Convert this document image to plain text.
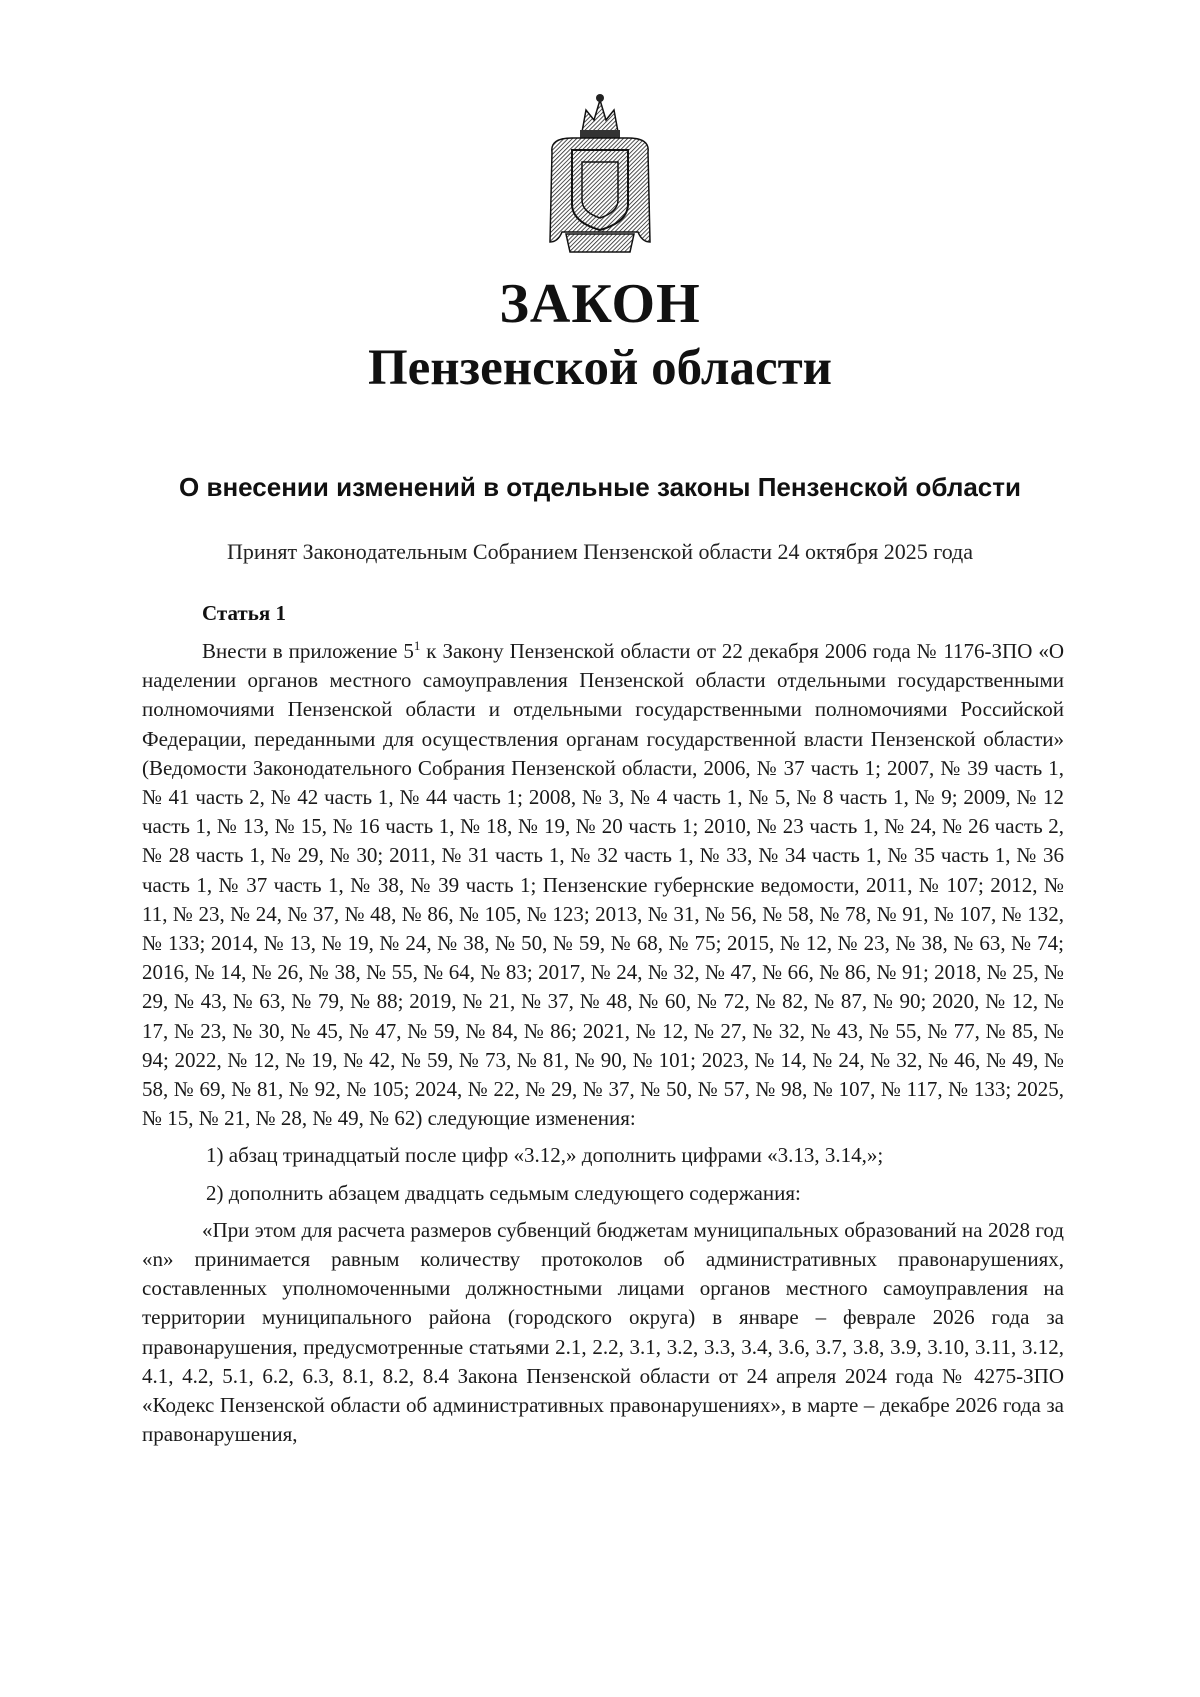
ЗАКОН
Пензенской области
О внесении изменений в отдельные законы Пензенской области
Принят Законодательным Собранием Пензенской области 24 октября 2025 года
Статья 1

Внести в приложение $5^1$ к Закону Пензенской области от 22 декабря 2006 года № 1176-ЗПО «О наделении органов местного самоуправления Пензенской области отдельными государственными полномочиями Пензенской области и отдельными государственными полномочиями Российской Федерации, переданными для осуществления органам государственной власти Пензенской области» (Ведомости Законодательного Собрания Пензенской области, 2006, № 37 часть 1; 2007, № 39 часть 1, № 41 часть 2, № 42 часть 1, № 44 часть 1; 2008, № 3, № 4 часть 1, № 5, № 8 часть 1, № 9; 2009, № 12 часть 1, № 13, № 15, № 16 часть 1, № 18, № 19, № 20 часть 1; 2010, № 23 часть 1, № 24, № 26 часть 2, № 28 часть 1, № 29, № 30; 2011, № 31 часть 1, № 32 часть 1, № 33, № 34 часть 1, № 35 часть 1, № 36 часть 1, № 37 часть 1, № 38, № 39 часть 1; Пензенские губернские ведомости, 2011, № 107; 2012, № 11, № 23, № 24, № 37, № 48, № 86, № 105, № 123; 2013, № 31, № 56, № 58, № 78, № 91, № 107, № 132, № 133; 2014, № 13, № 19, № 24, № 38, № 50, № 59, № 68, № 75; 2015, № 12, № 23, № 38, № 63, № 74; 2016, № 14, № 26, № 38, № 55, № 64, № 83; 2017, № 24, № 32, № 47, № 66, № 86, № 91; 2018, № 25, № 29, № 43, № 63, № 79, № 88; 2019, № 21, № 37, № 48, № 60, № 72, № 82, № 87, № 90; 2020, № 12, № 17, № 23, № 30, № 45, № 47, № 59, № 84, № 86; 2021, № 12, № 27, № 32, № 43, № 55, № 77, № 85, № 94; 2022, № 12, № 19, № 42, № 59, № 73, № 81, № 90, № 101; 2023, № 14, № 24, № 32, № 46, № 49, № 58, № 69, № 81, № 92, № 105; 2024, № 22, № 29, № 37, № 50, № 57, № 98, № 107, № 117, № 133; 2025, № 15, № 21, № 28, № 49, № 62) следующие изменения:

1) абзац тринадцатый после цифр «3.12,» дополнить цифрами «3.13, 3.14,»;

2) дополнить абзацем двадцать седьмым следующего содержания:

«При этом для расчета размеров субвенций бюджетам муниципальных образований на 2028 год «n» принимается равным количеству протоколов об административных правонарушениях, составленных уполномоченными должностными лицами органов местного самоуправления на территории муниципального района (городского округа) в январе – феврале 2026 года за правонарушения, предусмотренные статьями 2.1, 2.2, 3.1, 3.2, 3.3, 3.4, 3.6, 3.7, 3.8, 3.9, 3.10, 3.11, 3.12, 4.1, 4.2, 5.1, 6.2, 6.3, 8.1, 8.2, 8.4 Закона Пензенской области от 24 апреля 2024 года № 4275-ЗПО «Кодекс Пензенской области об административных правонарушениях», в марте – декабре 2026 года за правонарушения,
